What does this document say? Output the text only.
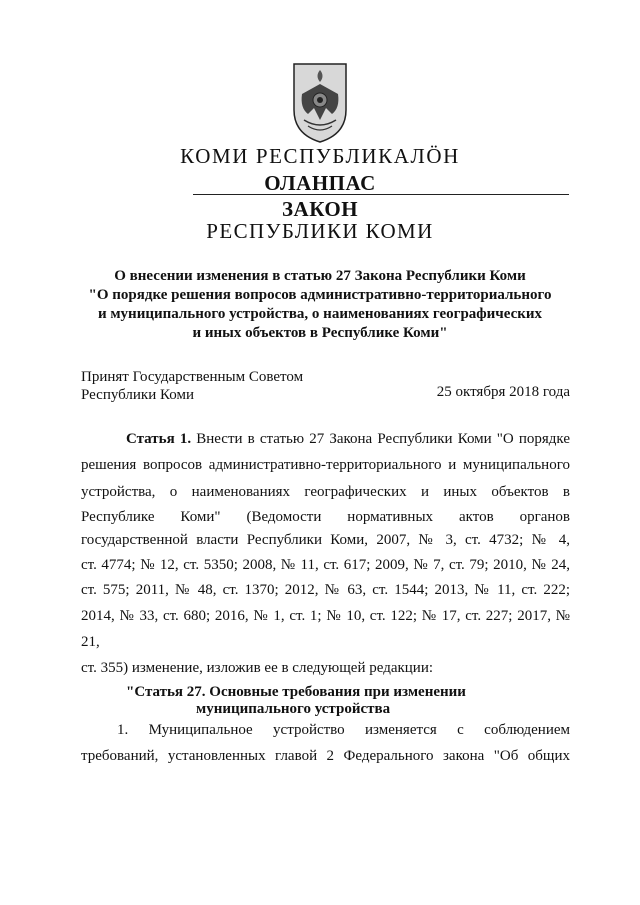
КОМИ РЕСПУБЛИКАЛӦН
ОЛАНПАС
ЗАКОН
РЕСПУБЛИКИ КОМИ
О внесении изменения в статью 27 Закона Республики Коми
"О порядке решения вопросов административно-территориального
и муниципального устройства, о наименованиях географических
и иных объектов в Республике Коми"
Принят Государственным Советом
Республики Коми	25 октября 2018 года
Статья 1. Внести в статью 27 Закона Республики Коми "О порядке
решения вопросов административно-территориального и муниципального
устройства, о наименованиях географических и иных объектов в
Республике Коми" (Ведомости нормативных актов органов
государственной власти Республики Коми, 2007, № 3, ст. 4732; № 4,
ст. 4774; № 12, ст. 5350; 2008, № 11, ст. 617; 2009, № 7, ст. 79; 2010, № 24,
ст. 575; 2011, № 48, ст. 1370; 2012, № 63, ст. 1544; 2013, № 11, ст. 222;
2014, № 33, ст. 680; 2016, № 1, ст. 1; № 10, ст. 122; № 17, ст. 227; 2017, №
21,
ст. 355) изменение, изложив ее в следующей редакции:
"Статья 27. Основные требования при изменении
муниципального устройства
1. Муниципальное устройство изменяется с соблюдением
требований, установленных главой 2 Федерального закона "Об общих
